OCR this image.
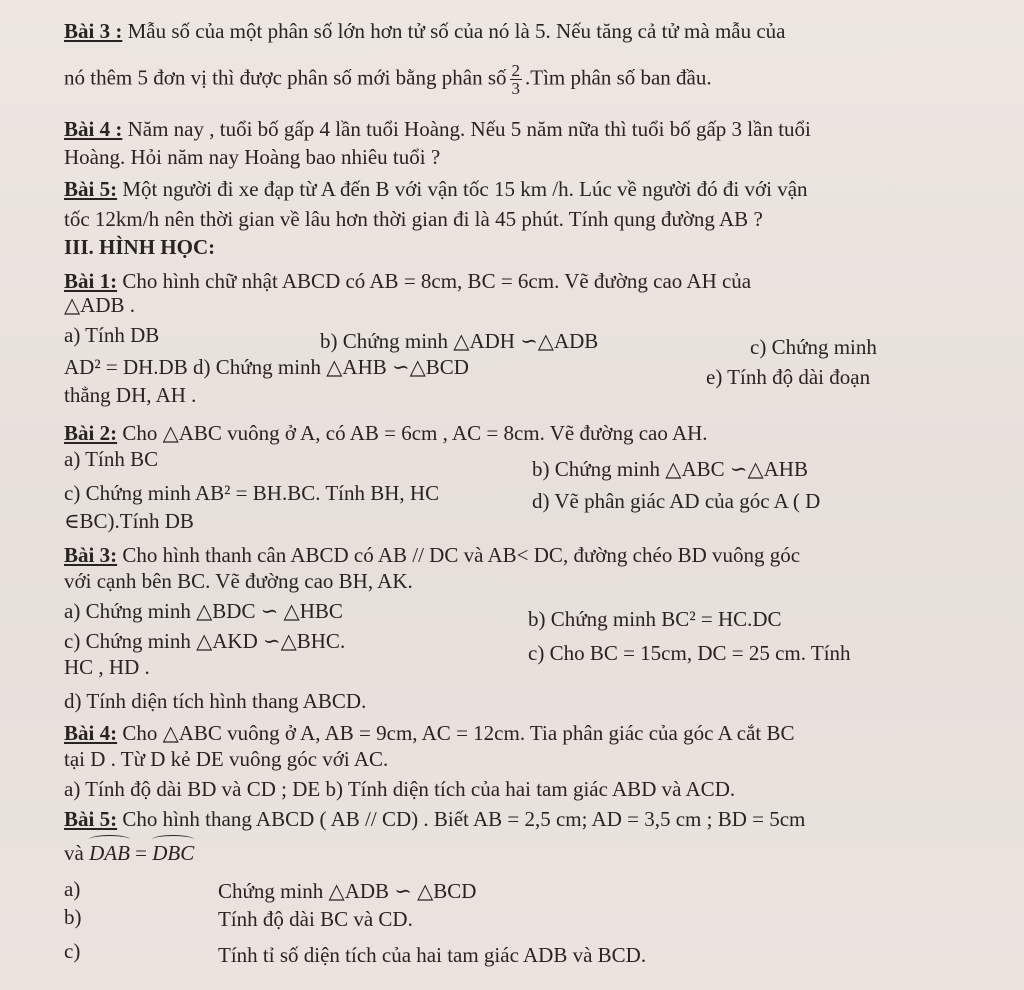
Bài 3 : Mẫu số của một phân số lớn hơn tử số của nó là 5. Nếu tăng cả tử mà mẫu của
nó thêm 5 đơn vị thì được phân số mới bằng phân số $\frac{2}{3}$ .Tìm phân số ban đầu.
Bài 4 : Năm nay , tuổi bố gấp 4 lần tuổi Hoàng. Nếu 5 năm nữa thì tuổi bố gấp 3 lần tuổi
Hoàng. Hỏi năm nay Hoàng bao nhiêu tuổi ?
Bài 5: Một người đi xe đạp từ A đến B với vận tốc 15 km /h. Lúc về người đó đi với vận
tốc 12km/h nên thời gian về lâu hơn thời gian đi là 45 phút. Tính qung đường AB ?
III. HÌNH HỌC:
Bài 1: Cho hình chữ nhật ABCD có AB = 8cm, BC = 6cm. Vẽ đường cao AH của
△ADB .
a) Tính DB	b) Chứng minh △ADH ∽△ADB	c) Chứng minh
AD² = DH.DB d) Chứng minh △AHB ∽△BCD	e) Tính độ dài đoạn
thẳng DH, AH .
Bài 2: Cho △ABC vuông ở A, có AB = 6cm , AC = 8cm. Vẽ đường cao AH.
a) Tính BC	b) Chứng minh △ABC ∽△AHB
c) Chứng minh AB² = BH.BC. Tính BH, HC	d) Vẽ phân giác AD của góc A ( D
∈BC).Tính DB
Bài 3: Cho hình thanh cân ABCD có AB // DC và AB< DC, đường chéo BD vuông góc
với cạnh bên BC. Vẽ đường cao BH, AK.
a) Chứng minh △BDC ∽ △HBC	b) Chứng minh BC² = HC.DC
c) Chứng minh △AKD ∽△BHC.	c) Cho BC = 15cm, DC = 25 cm. Tính
HC , HD .
d) Tính diện tích hình thang ABCD.
Bài 4: Cho △ABC vuông ở A, AB = 9cm, AC = 12cm. Tia phân giác của góc A cắt BC
tại D . Từ D kẻ DE vuông góc với AC.
a) Tính độ dài BD và CD ; DE b) Tính diện tích của hai tam giác ABD và ACD.
Bài 5: Cho hình thang ABCD ( AB // CD) . Biết AB = 2,5 cm; AD = 3,5 cm ; BD = 5cm
và DAB = DBC
a)	Chứng minh △ADB ∽ △BCD
b)	Tính độ dài BC và CD.
c)	Tính tỉ số diện tích của hai tam giác ADB và BCD.
